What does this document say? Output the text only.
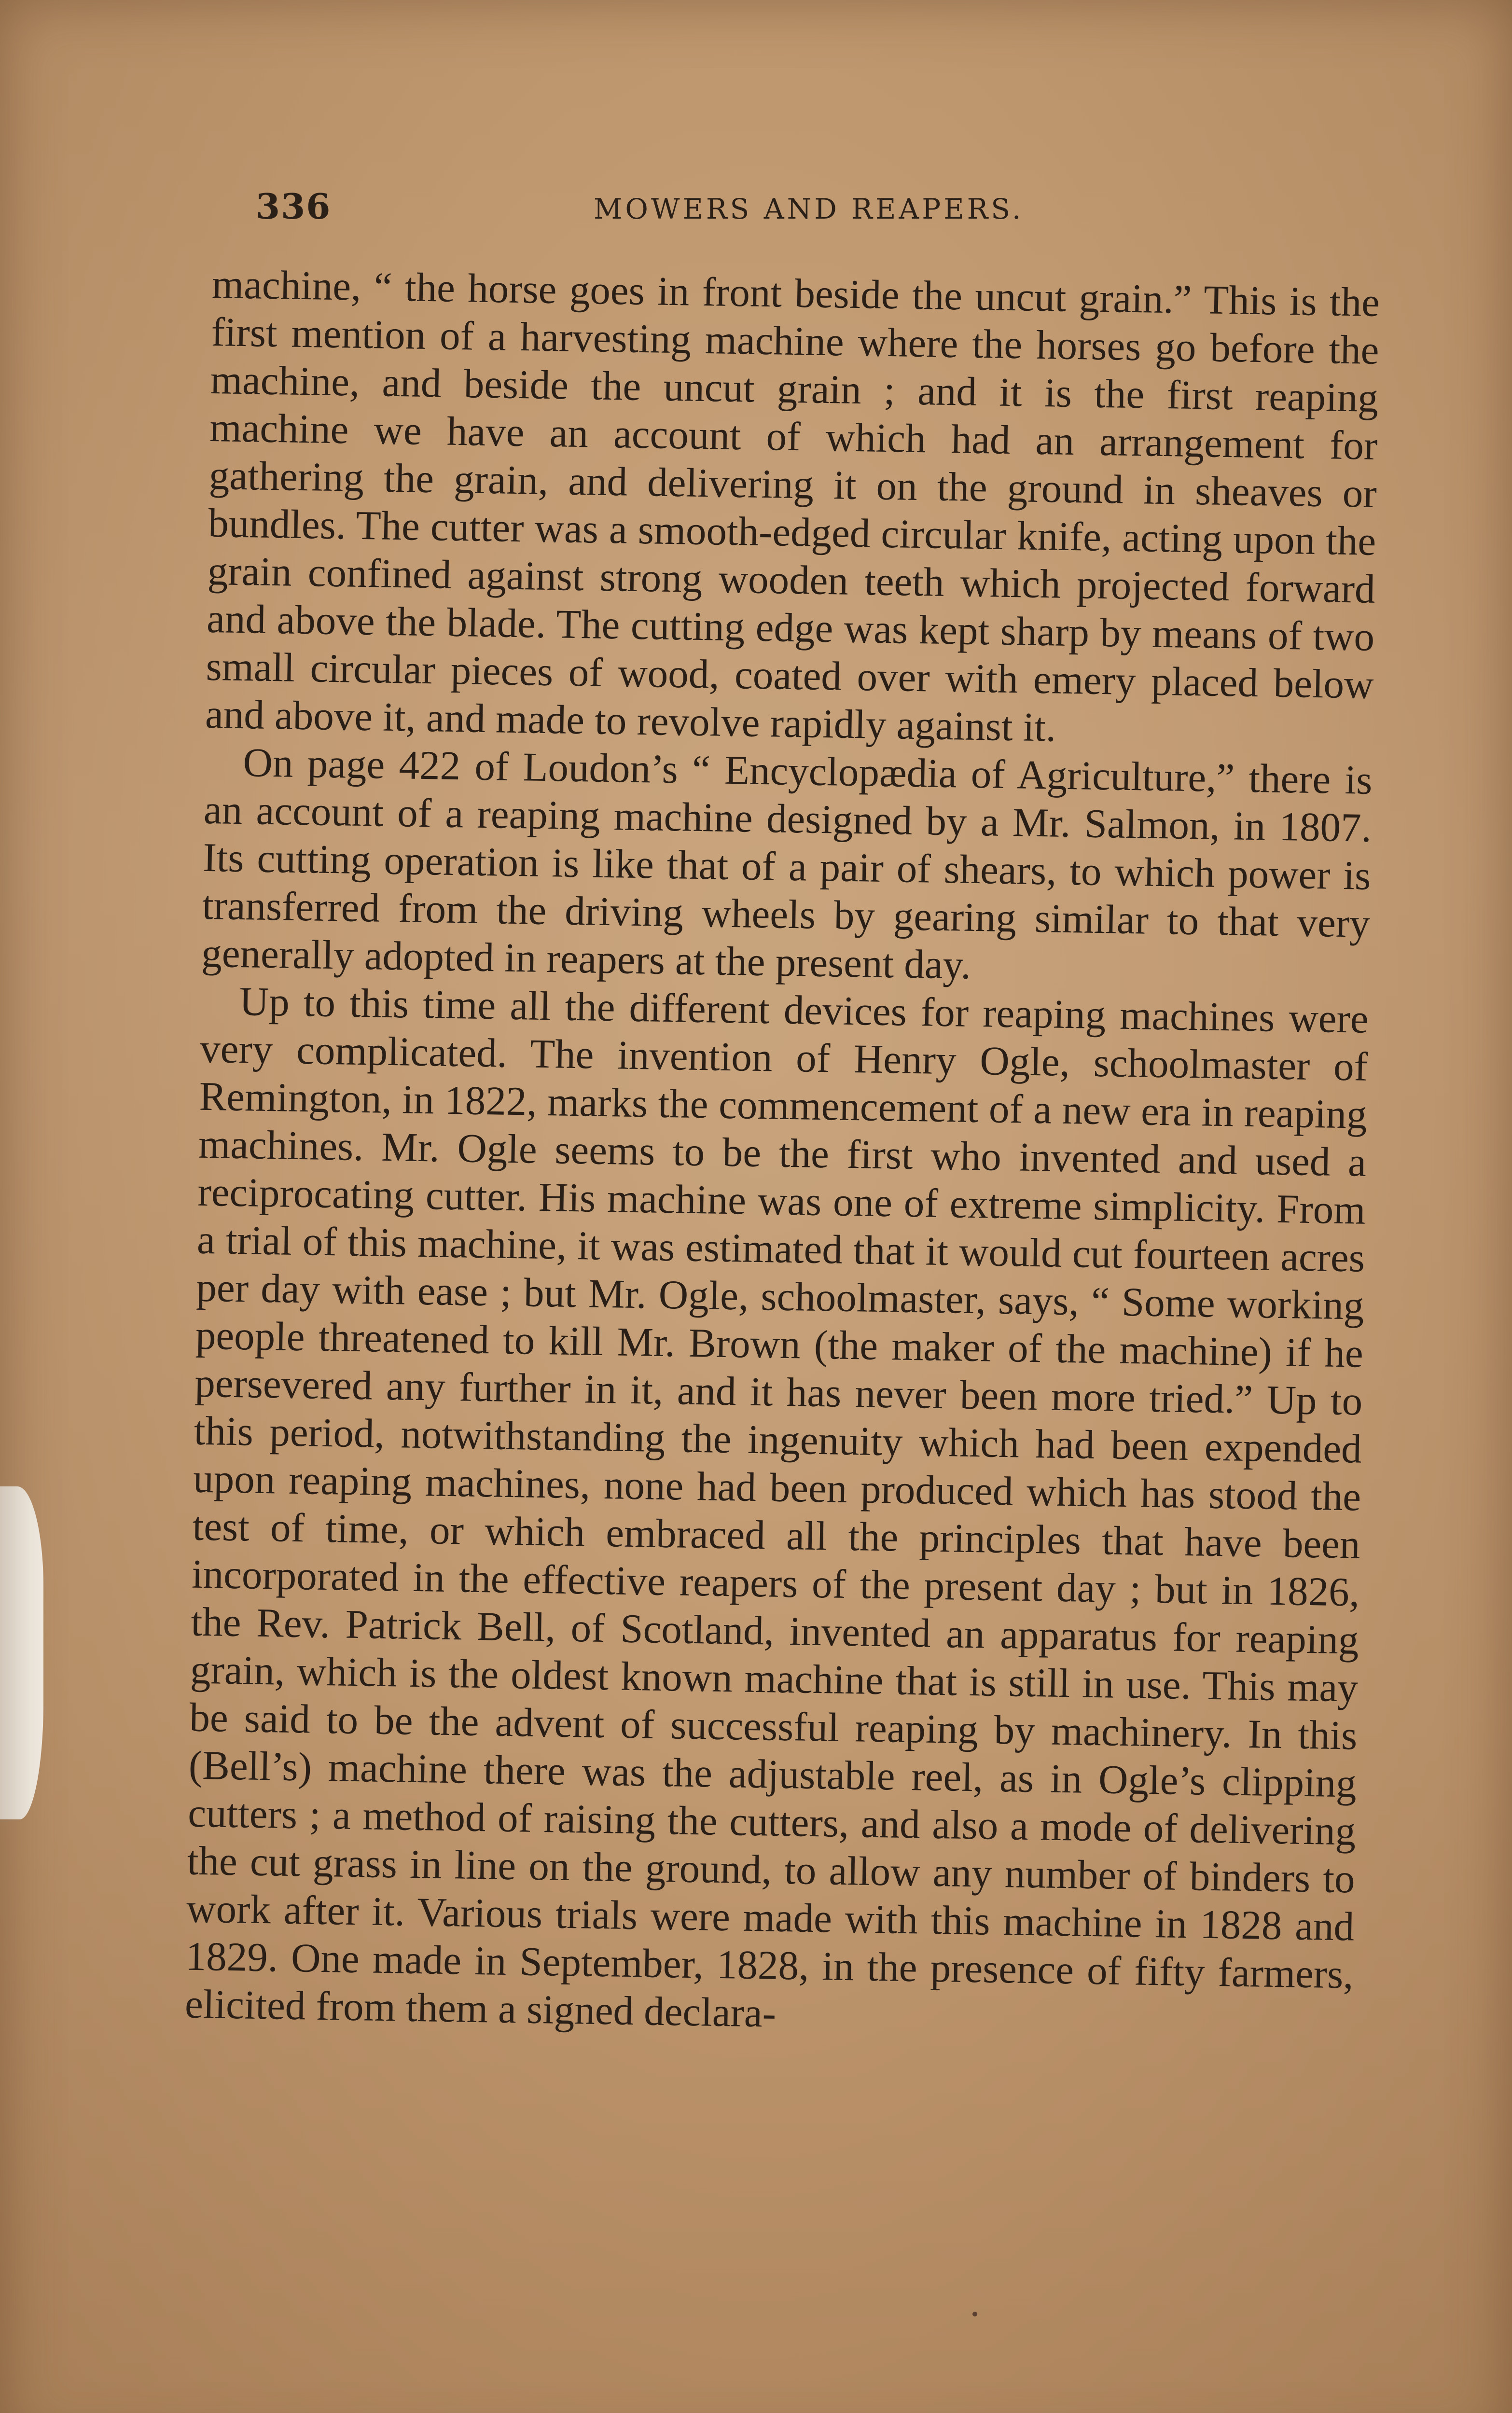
336	MOWERS AND REAPERS.

machine, “ the horse goes in front beside the uncut grain.” This is the first mention of a harvesting machine where the horses go before the machine, and beside the uncut grain ; and it is the first reaping machine we have an account of which had an arrangement for gathering the grain, and delivering it on the ground in sheaves or bundles. The cutter was a smooth-edged circular knife, acting upon the grain confined against strong wooden teeth which projected forward and above the blade. The cutting edge was kept sharp by means of two small circular pieces of wood, coated over with emery placed below and above it, and made to revolve rapidly against it.

On page 422 of Loudon’s “ Encyclopædia of Agriculture,” there is an account of a reaping machine designed by a Mr. Salmon, in 1807. Its cutting operation is like that of a pair of shears, to which power is transferred from the driving wheels by gearing similar to that very generally adopted in reapers at the present day.

Up to this time all the different devices for reaping machines were very complicated. The invention of Henry Ogle, schoolmaster of Remington, in 1822, marks the commencement of a new era in reaping machines. Mr. Ogle seems to be the first who invented and used a reciprocating cutter. His machine was one of extreme simplicity. From a trial of this machine, it was estimated that it would cut fourteen acres per day with ease ; but Mr. Ogle, schoolmaster, says, “ Some working people threatened to kill Mr. Brown (the maker of the machine) if he persevered any further in it, and it has never been more tried.” Up to this period, notwithstanding the ingenuity which had been expended upon reaping machines, none had been produced which has stood the test of time, or which embraced all the principles that have been incorporated in the effective reapers of the present day ; but in 1826, the Rev. Patrick Bell, of Scotland, invented an apparatus for reaping grain, which is the oldest known machine that is still in use. This may be said to be the advent of successful reaping by machinery. In this (Bell’s) machine there was the adjustable reel, as in Ogle’s clipping cutters ; a method of raising the cutters, and also a mode of delivering the cut grass in line on the ground, to allow any number of binders to work after it. Various trials were made with this machine in 1828 and 1829. One made in September, 1828, in the presence of fifty farmers, elicited from them a signed declara-
